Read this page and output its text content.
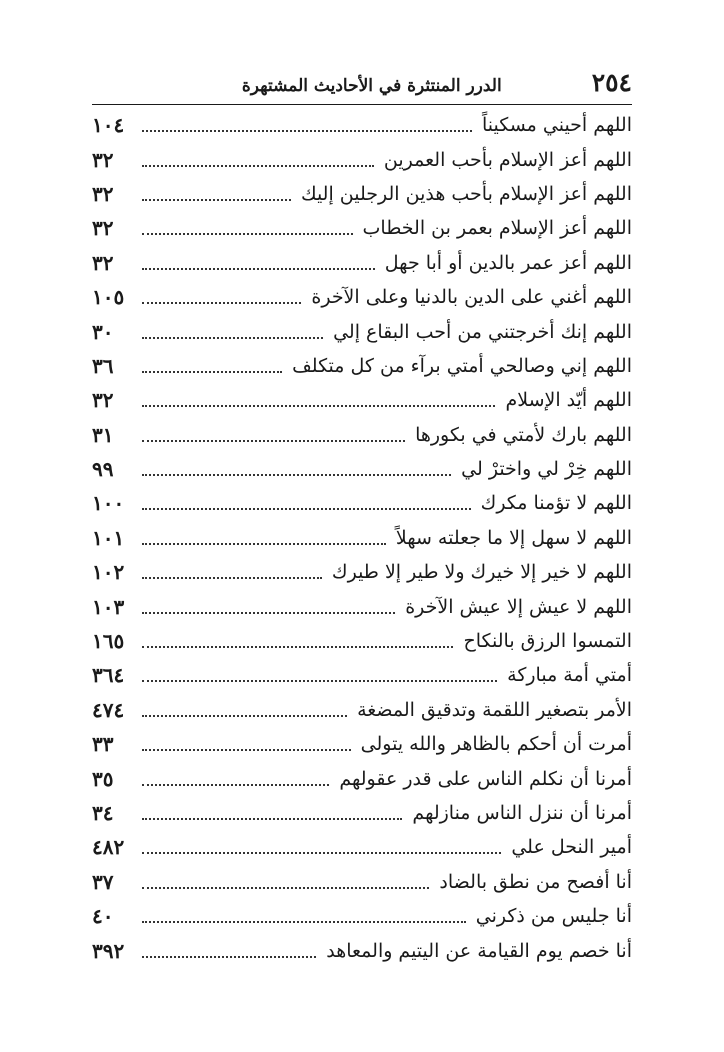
٢٥٤
الدرر المنتثرة في الأحاديث المشتهرة
اللهم أحيني مسكيناً
١٠٤
اللهم أعز الإسلام بأحب العمرين
٣٢
اللهم أعز الإسلام بأحب هذين الرجلين إليك
٣٢
اللهم أعز الإسلام بعمر بن الخطاب
٣٢
اللهم أعز عمر بالدين أو أبا جهل
٣٢
اللهم أغني على الدين بالدنيا وعلى الآخرة
١٠٥
اللهم إنك أخرجتني من أحب البقاع إلي
٣٠
اللهم إني وصالحي أمتي برآء من كل متكلف
٣٦
اللهم أيّد الإسلام
٣٢
اللهم بارك لأمتي في بكورها
٣١
اللهم خِرْ لي واخترْ لي
٩٩
اللهم لا تؤمنا مكرك
١٠٠
اللهم لا سهل إلا ما جعلته سهلاً
١٠١
اللهم لا خير إلا خيرك ولا طير إلا طيرك
١٠٢
اللهم لا عيش إلا عيش الآخرة
١٠٣
التمسوا الرزق بالنكاح
١٦٥
أمتي أمة مباركة
٣٦٤
الأمر بتصغير اللقمة وتدقيق المضغة
٤٧٤
أمرت أن أحكم بالظاهر والله يتولى
٣٣
أمرنا أن نكلم الناس على قدر عقولهم
٣٥
أمرنا أن ننزل الناس منازلهم
٣٤
أمير النحل علي
٤٨٢
أنا أفصح من نطق بالضاد
٣٧
أنا جليس من ذكرني
٤٠
أنا خصم يوم القيامة عن اليتيم والمعاهد
٣٩٢
